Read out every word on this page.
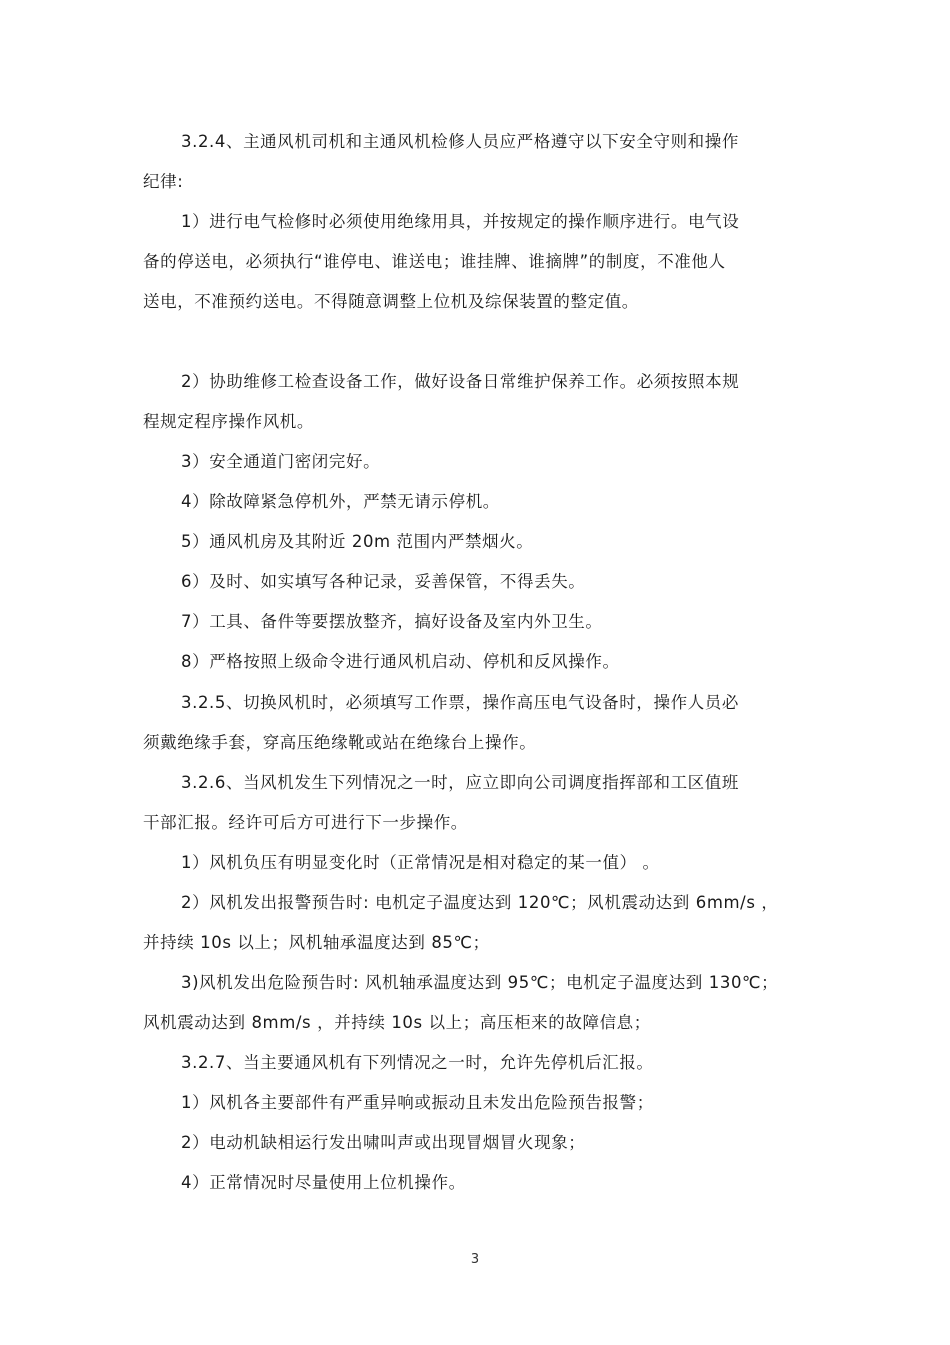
3.2.4、主通风机司机和主通风机检修人员应严格遵守以下安全守则和操作
纪律:
1）进行电气检修时必须使用绝缘用具，并按规定的操作顺序进行。电气设
备的停送电，必须执行“谁停电、谁送电；谁挂牌、谁摘牌”的制度，不准他人
送电，不准预约送电。不得随意调整上位机及综保装置的整定值。
2）协助维修工检查设备工作，做好设备日常维护保养工作。必须按照本规
程规定程序操作风机。
3）安全通道门密闭完好。
4）除故障紧急停机外，严禁无请示停机。
5）通风机房及其附近 20m 范围内严禁烟火。
6）及时、如实填写各种记录，妥善保管，不得丢失。
7）工具、备件等要摆放整齐，搞好设备及室内外卫生。
8）严格按照上级命令进行通风机启动、停机和反风操作。
3.2.5、切换风机时，必须填写工作票，操作高压电气设备时，操作人员必
须戴绝缘手套，穿高压绝缘靴或站在绝缘台上操作。
3.2.6、当风机发生下列情况之一时，应立即向公司调度指挥部和工区值班
干部汇报。经许可后方可进行下一步操作。
1）风机负压有明显变化时（正常情况是相对稳定的某一值） 。
2）风机发出报警预告时: 电机定子温度达到 120℃；风机震动达到 6mm/s ，
并持续 10s 以上；风机轴承温度达到 85℃；
3)风机发出危险预告时: 风机轴承温度达到 95℃；电机定子温度达到 130℃；
风机震动达到 8mm/s ，并持续 10s 以上；高压柜来的故障信息；
3.2.7、当主要通风机有下列情况之一时，允许先停机后汇报。
1）风机各主要部件有严重异响或振动且未发出危险预告报警；
2）电动机缺相运行发出啸叫声或出现冒烟冒火现象；
4）正常情况时尽量使用上位机操作。
3
